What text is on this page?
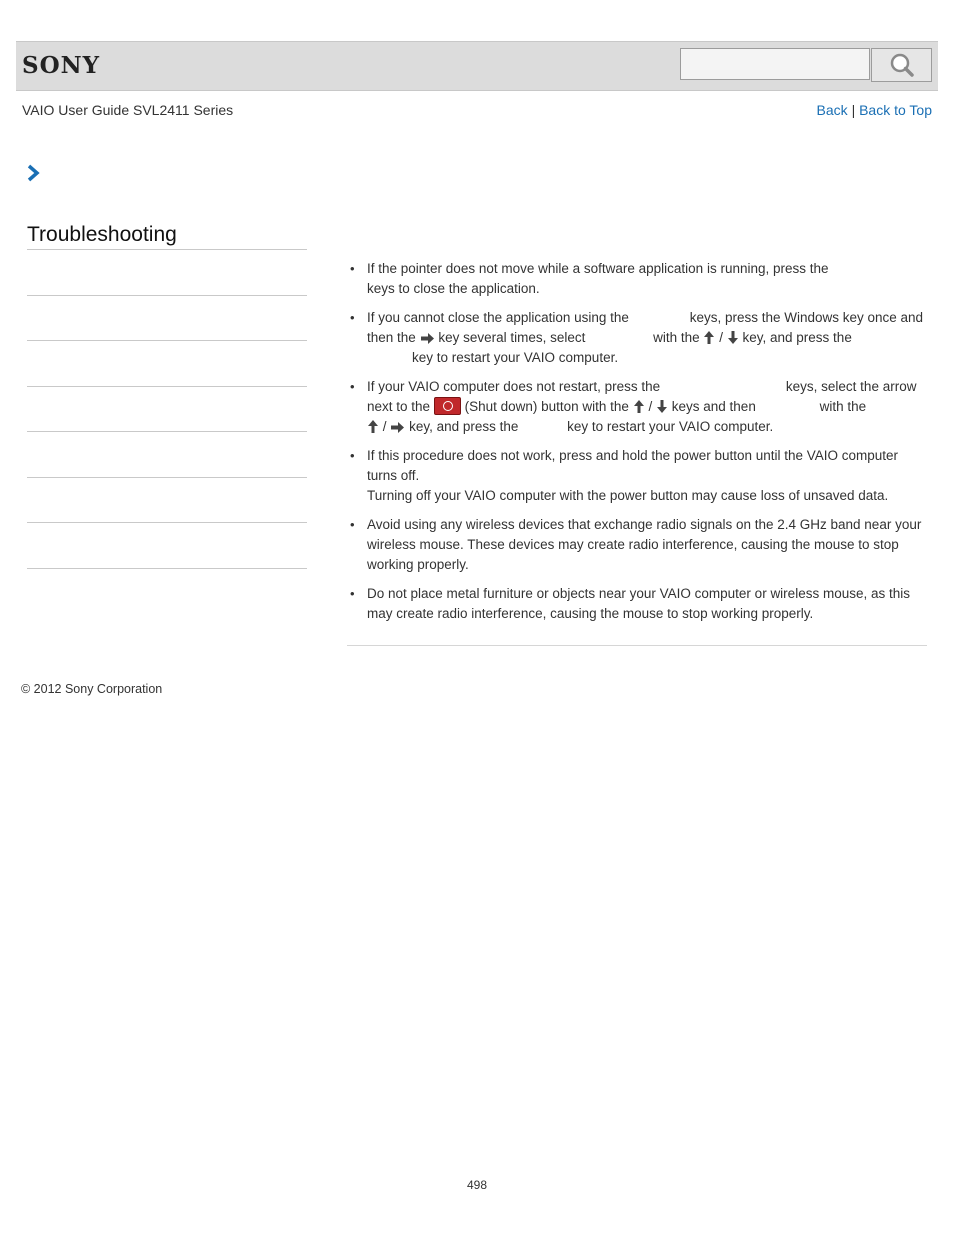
SONY
VAIO User Guide SVL2411 Series	Back | Back to Top
Troubleshooting
• If the pointer does not move while a software application is running, press the
keys to close the application.
• If you cannot close the application using the	keys, press the Windows key once and then the key several times, select	with the / key, and press the
key to restart your VAIO computer.
• If your VAIO computer does not restart, press the	keys, select the arrow next to the	(Shut down) button with the / keys and then	with the
/ key, and press the	key to restart your VAIO computer.
• If this procedure does not work, press and hold the power button until the VAIO computer turns off.
Turning off your VAIO computer with the power button may cause loss of unsaved data.
• Avoid using any wireless devices that exchange radio signals on the 2.4 GHz band near your wireless mouse. These devices may create radio interference, causing the mouse to stop working properly.
• Do not place metal furniture or objects near your VAIO computer or wireless mouse, as this may create radio interference, causing the mouse to stop working properly.
© 2012 Sony Corporation
498
